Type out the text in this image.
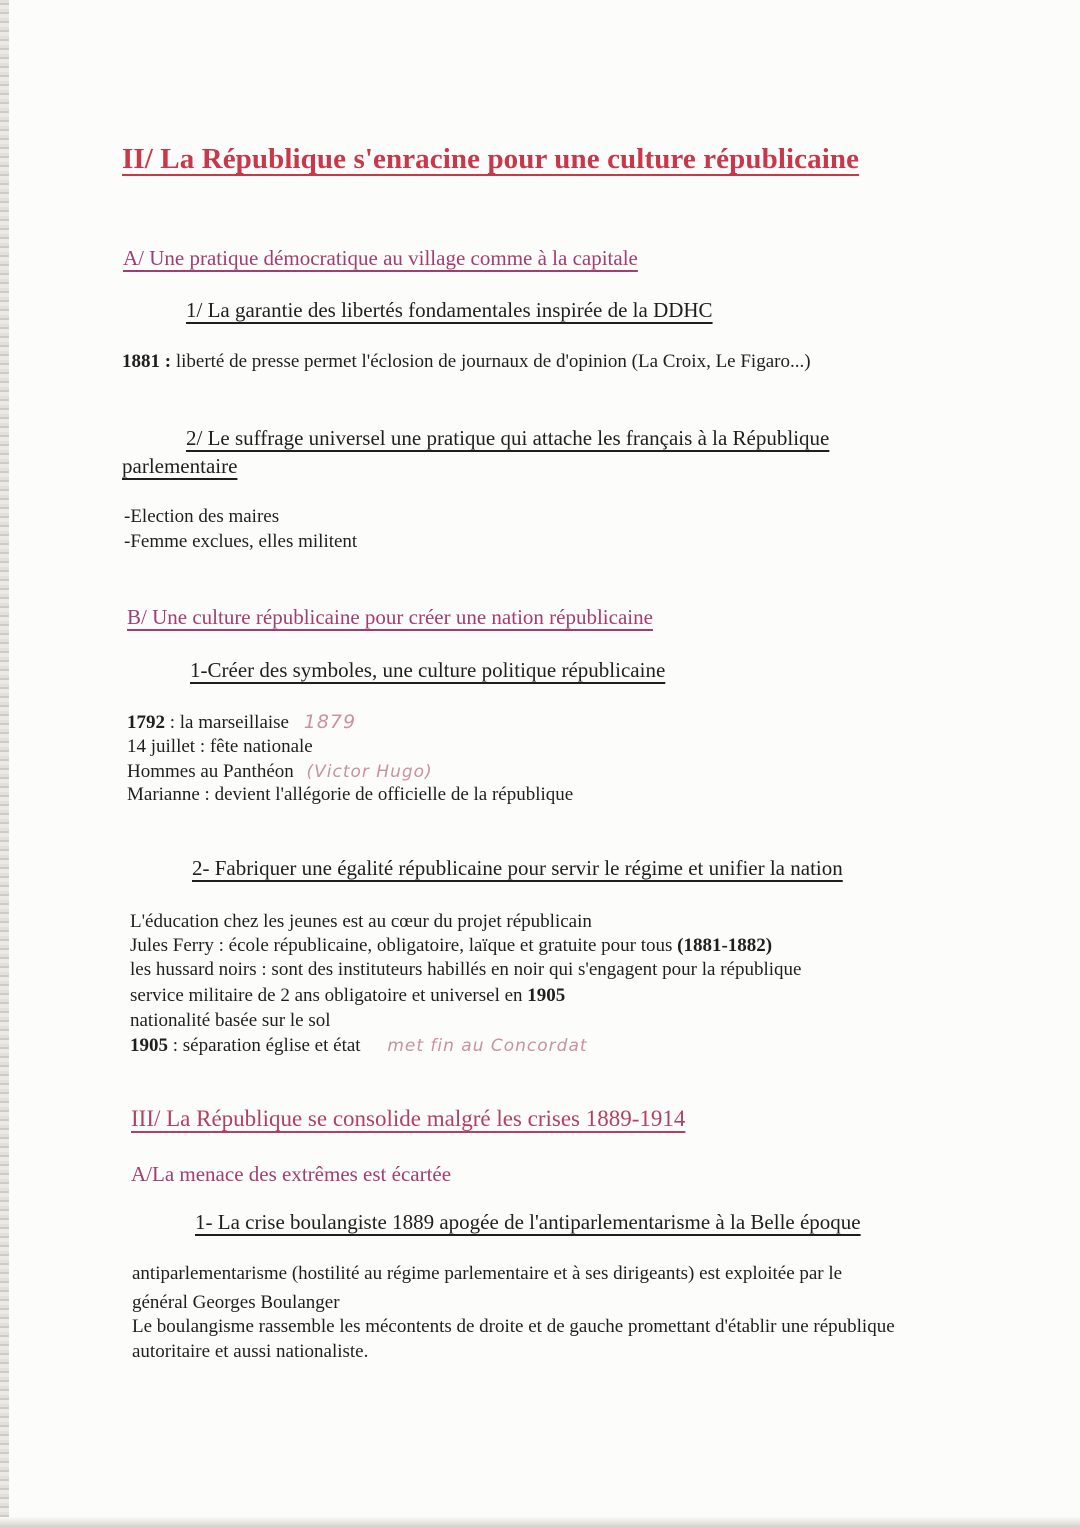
II/ La République s'enracine pour une culture républicaine
A/ Une pratique démocratique au village comme à la capitale
1/ La garantie des libertés fondamentales inspirée de la DDHC
1881 : liberté de presse permet l'éclosion de journaux de d'opinion (La Croix, Le Figaro...)
2/ Le suffrage universel une pratique qui attache les français à la République
parlementaire
-Election des maires
-Femme exclues, elles militent
B/ Une culture républicaine pour créer une nation républicaine
1-Créer des symboles, une culture politique républicaine
1792 : la marseillaise 1879
14 juillet : fête nationale
Hommes au Panthéon (Victor Hugo)
Marianne : devient l'allégorie de officielle de la république
2- Fabriquer une égalité républicaine pour servir le régime et unifier la nation
L'éducation chez les jeunes est au cœur du projet républicain
Jules Ferry : école républicaine, obligatoire, laïque et gratuite pour tous (1881-1882)
les hussard noirs : sont des instituteurs habillés en noir qui s'engagent pour la république
service militaire de 2 ans obligatoire et universel en 1905
nationalité basée sur le sol
1905 : séparation église et état met fin au Concordat
III/ La République se consolide malgré les crises 1889-1914
A/La menace des extrêmes est écartée
1- La crise boulangiste 1889 apogée de l'antiparlementarisme à la Belle époque
antiparlementarisme (hostilité au régime parlementaire et à ses dirigeants) est exploitée par le
général Georges Boulanger
Le boulangisme rassemble les mécontents de droite et de gauche promettant d'établir une république
autoritaire et aussi nationaliste.
